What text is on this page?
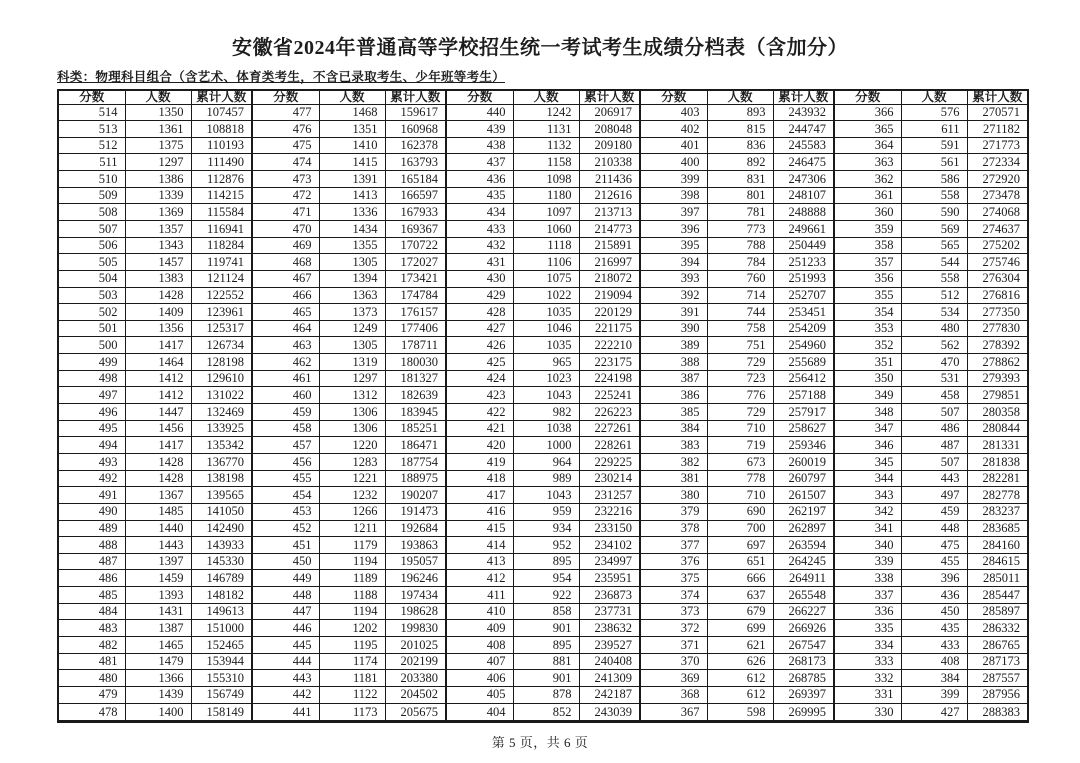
安徽省2024年普通高等学校招生统一考试考生成绩分档表（含加分）
科类：物理科目组合（含艺术、体育类考生，不含已录取考生、少年班等考生）
分数	人数	累计人数	分数	人数	累计人数	分数	人数	累计人数	分数	人数	累计人数	分数	人数	累计人数
514	1350	107457	477	1468	159617	440	1242	206917	403	893	243932	366	576	270571
513	1361	108818	476	1351	160968	439	1131	208048	402	815	244747	365	611	271182
512	1375	110193	475	1410	162378	438	1132	209180	401	836	245583	364	591	271773
511	1297	111490	474	1415	163793	437	1158	210338	400	892	246475	363	561	272334
510	1386	112876	473	1391	165184	436	1098	211436	399	831	247306	362	586	272920
509	1339	114215	472	1413	166597	435	1180	212616	398	801	248107	361	558	273478
508	1369	115584	471	1336	167933	434	1097	213713	397	781	248888	360	590	274068
507	1357	116941	470	1434	169367	433	1060	214773	396	773	249661	359	569	274637
506	1343	118284	469	1355	170722	432	1118	215891	395	788	250449	358	565	275202
505	1457	119741	468	1305	172027	431	1106	216997	394	784	251233	357	544	275746
504	1383	121124	467	1394	173421	430	1075	218072	393	760	251993	356	558	276304
503	1428	122552	466	1363	174784	429	1022	219094	392	714	252707	355	512	276816
502	1409	123961	465	1373	176157	428	1035	220129	391	744	253451	354	534	277350
501	1356	125317	464	1249	177406	427	1046	221175	390	758	254209	353	480	277830
500	1417	126734	463	1305	178711	426	1035	222210	389	751	254960	352	562	278392
499	1464	128198	462	1319	180030	425	965	223175	388	729	255689	351	470	278862
498	1412	129610	461	1297	181327	424	1023	224198	387	723	256412	350	531	279393
497	1412	131022	460	1312	182639	423	1043	225241	386	776	257188	349	458	279851
496	1447	132469	459	1306	183945	422	982	226223	385	729	257917	348	507	280358
495	1456	133925	458	1306	185251	421	1038	227261	384	710	258627	347	486	280844
494	1417	135342	457	1220	186471	420	1000	228261	383	719	259346	346	487	281331
493	1428	136770	456	1283	187754	419	964	229225	382	673	260019	345	507	281838
492	1428	138198	455	1221	188975	418	989	230214	381	778	260797	344	443	282281
491	1367	139565	454	1232	190207	417	1043	231257	380	710	261507	343	497	282778
490	1485	141050	453	1266	191473	416	959	232216	379	690	262197	342	459	283237
489	1440	142490	452	1211	192684	415	934	233150	378	700	262897	341	448	283685
488	1443	143933	451	1179	193863	414	952	234102	377	697	263594	340	475	284160
487	1397	145330	450	1194	195057	413	895	234997	376	651	264245	339	455	284615
486	1459	146789	449	1189	196246	412	954	235951	375	666	264911	338	396	285011
485	1393	148182	448	1188	197434	411	922	236873	374	637	265548	337	436	285447
484	1431	149613	447	1194	198628	410	858	237731	373	679	266227	336	450	285897
483	1387	151000	446	1202	199830	409	901	238632	372	699	266926	335	435	286332
482	1465	152465	445	1195	201025	408	895	239527	371	621	267547	334	433	286765
481	1479	153944	444	1174	202199	407	881	240408	370	626	268173	333	408	287173
480	1366	155310	443	1181	203380	406	901	241309	369	612	268785	332	384	287557
479	1439	156749	442	1122	204502	405	878	242187	368	612	269397	331	399	287956
478	1400	158149	441	1173	205675	404	852	243039	367	598	269995	330	427	288383
第 5 页，共 6 页
